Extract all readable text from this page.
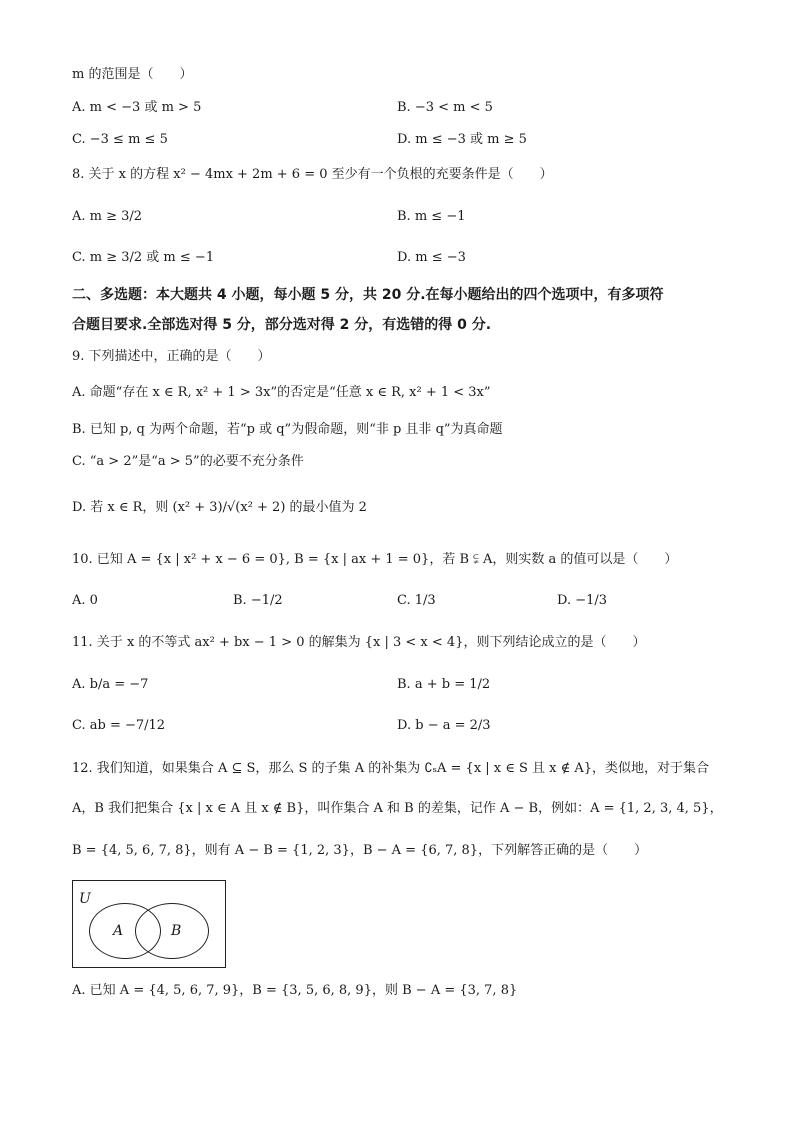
m 的范围是（　　）
A. m < −3 或 m > 5	B. −3 < m < 5
C. −3 ≤ m ≤ 5	D. m ≤ −3 或 m ≥ 5
8. 关于 x 的方程 x² − 4mx + 2m + 6 = 0 至少有一个负根的充要条件是（　　）
A. m ≥ 3/2	B. m ≤ −1
C. m ≥ 3/2 或 m ≤ −1	D. m ≤ −3
二、多选题：本大题共 4 小题，每小题 5 分，共 20 分.在每小题给出的四个选项中，有多项符
合题目要求.全部选对得 5 分，部分选对得 2 分，有选错的得 0 分.
9. 下列描述中，正确的是（　　）
A. 命题“存在 x ∈ R, x² + 1 > 3x”的否定是“任意 x ∈ R, x² + 1 < 3x”
B. 已知 p, q 为两个命题，若“p 或 q”为假命题，则“非 p 且非 q”为真命题
C. “a > 2”是“a > 5”的必要不充分条件
D. 若 x ∈ R，则 (x² + 3)/√(x² + 2) 的最小值为 2
10. 已知 A = {x | x² + x − 6 = 0}, B = {x | ax + 1 = 0}，若 B ⫋ A，则实数 a 的值可以是（　　）
A. 0	B. −1/2	C. 1/3	D. −1/3
11. 关于 x 的不等式 ax² + bx − 1 > 0 的解集为 {x | 3 < x < 4}，则下列结论成立的是（　　）
A. b/a = −7	B. a + b = 1/2
C. ab = −7/12	D. b − a = 2/3
12. 我们知道，如果集合 A ⊆ S，那么 S 的子集 A 的补集为 ∁ₛA = {x | x ∈ S 且 x ∉ A}，类似地，对于集合
A，B 我们把集合 {x | x ∈ A 且 x ∉ B}，叫作集合 A 和 B 的差集，记作 A − B，例如：A = {1, 2, 3, 4, 5}，
B = {4, 5, 6, 7, 8}，则有 A − B = {1, 2, 3}，B − A = {6, 7, 8}，下列解答正确的是（　　）
U
A	B
A. 已知 A = {4, 5, 6, 7, 9}，B = {3, 5, 6, 8, 9}，则 B − A = {3, 7, 8}
